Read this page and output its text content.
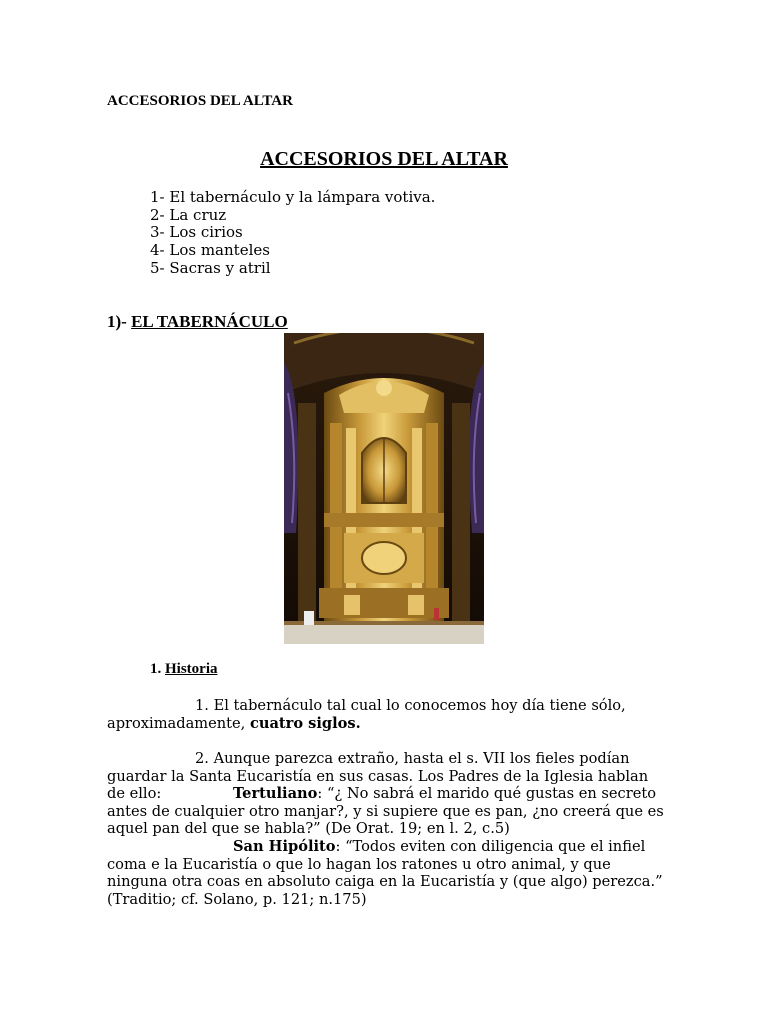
ACCESORIOS DEL ALTAR
ACCESORIOS DEL ALTAR
1- El tabernáculo y la lámpara votiva.
2- La cruz
3- Los cirios
4- Los manteles
5- Sacras y atril
1)- EL TABERNÁCULO
1. Historia

1. El tabernáculo tal cual lo conocemos hoy día tiene sólo, aproximadamente, cuatro siglos.

2. Aunque parezca extraño, hasta el s. VII los fieles podían guardar la Santa Eucaristía en sus casas. Los Padres de la Iglesia hablan de ello:	Tertuliano: “¿ No sabrá el marido qué gustas en secreto antes de cualquier otro manjar?, y si supiere que es pan, ¿no creerá que es aquel pan del que se habla?” (De Orat. 19; en l. 2, c.5)

San Hipólito: “Todos eviten con diligencia que el infiel coma e la Eucaristía o que lo hagan los ratones u otro animal, y que ninguna otra coas en absoluto caiga en la Eucaristía y (que algo) perezca.” (Traditio; cf. Solano, p. 121; n.175)
